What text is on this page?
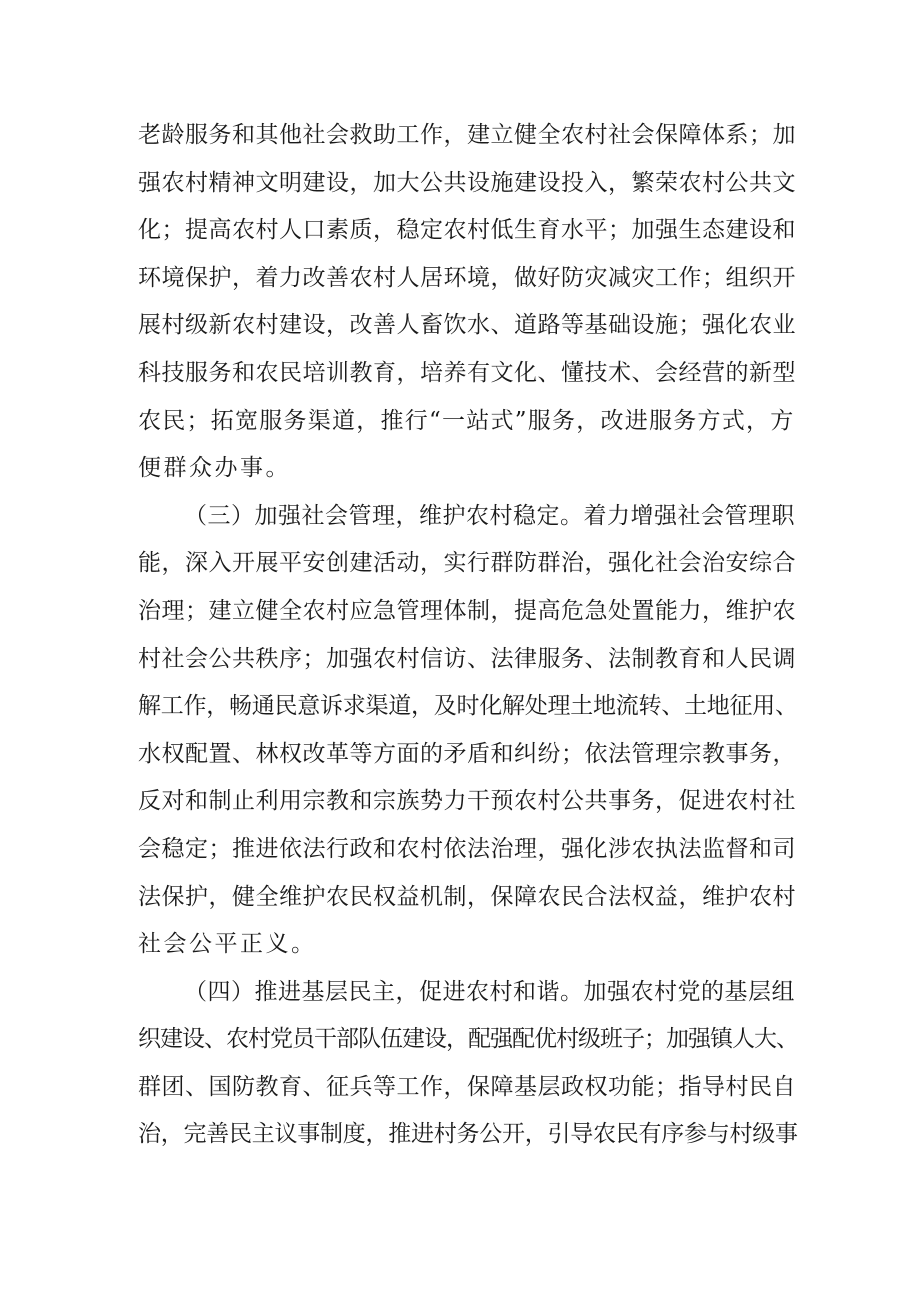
老龄服务和其他社会救助工作，建立健全农村社会保障体系；加
强农村精神文明建设，加大公共设施建设投入，繁荣农村公共文
化；提高农村人口素质，稳定农村低生育水平；加强生态建设和
环境保护，着力改善农村人居环境，做好防灾减灾工作；组织开
展村级新农村建设，改善人畜饮水、道路等基础设施；强化农业
科技服务和农民培训教育，培养有文化、懂技术、会经营的新型
农民；拓宽服务渠道，推行“一站式”服务，改进服务方式，方
便群众办事。
（三）加强社会管理，维护农村稳定。着力增强社会管理职
能，深入开展平安创建活动，实行群防群治，强化社会治安综合
治理；建立健全农村应急管理体制，提高危急处置能力，维护农
村社会公共秩序；加强农村信访、法律服务、法制教育和人民调
解工作，畅通民意诉求渠道，及时化解处理土地流转、土地征用、
水权配置、林权改革等方面的矛盾和纠纷；依法管理宗教事务，
反对和制止利用宗教和宗族势力干预农村公共事务，促进农村社
会稳定；推进依法行政和农村依法治理，强化涉农执法监督和司
法保护，健全维护农民权益机制，保障农民合法权益，维护农村
社会公平正义。
（四）推进基层民主，促进农村和谐。加强农村党的基层组
织建设、农村党员干部队伍建设，配强配优村级班子；加强镇人大、
群团、国防教育、征兵等工作，保障基层政权功能；指导村民自
治，完善民主议事制度，推进村务公开，引导农民有序参与村级事
